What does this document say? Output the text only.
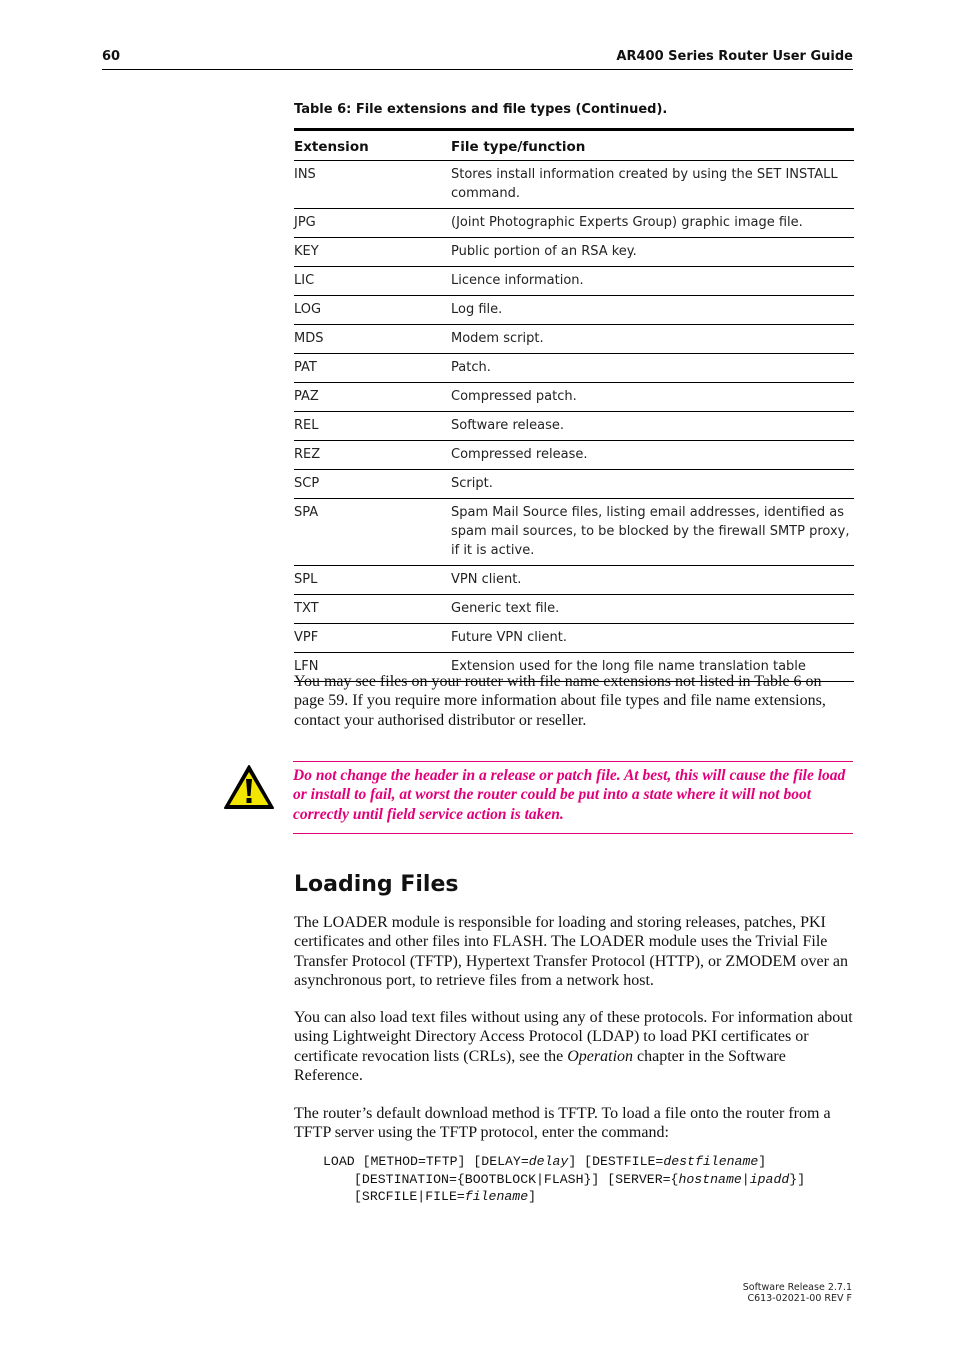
60	AR400 Series Router User Guide
Table 6: File extensions and file types (Continued).
Extension	File type/function
INS	Stores install information created by using the SET INSTALL command.
JPG	(Joint Photographic Experts Group) graphic image file.
KEY	Public portion of an RSA key.
LIC	Licence information.
LOG	Log file.
MDS	Modem script.
PAT	Patch.
PAZ	Compressed patch.
REL	Software release.
REZ	Compressed release.
SCP	Script.
SPA	Spam Mail Source files, listing email addresses, identified as spam mail sources, to be blocked by the firewall SMTP proxy, if it is active.
SPL	VPN client.
TXT	Generic text file.
VPF	Future VPN client.
LFN	Extension used for the long file name translation table

You may see files on your router with file name extensions not listed in Table 6 on page 59. If you require more information about file types and file name extensions, contact your authorised distributor or reseller.

Do not change the header in a release or patch file. At best, this will cause the file load or install to fail, at worst the router could be put into a state where it will not boot correctly until field service action is taken.

Loading Files

The LOADER module is responsible for loading and storing releases, patches, PKI certificates and other files into FLASH. The LOADER module uses the Trivial File Transfer Protocol (TFTP), Hypertext Transfer Protocol (HTTP), or ZMODEM over an asynchronous port, to retrieve files from a network host.

You can also load text files without using any of these protocols. For information about using Lightweight Directory Access Protocol (LDAP) to load PKI certificates or certificate revocation lists (CRLs), see the Operation chapter in the Software Reference.

The router’s default download method is TFTP. To load a file onto the router from a TFTP server using the TFTP protocol, enter the command:

LOAD [METHOD=TFTP] [DELAY=delay] [DESTFILE=destfilename]
[DESTINATION={BOOTBLOCK|FLASH}] [SERVER={hostname|ipadd}]
[SRCFILE|FILE=filename]
Software Release 2.7.1
C613-02021-00 REV F
